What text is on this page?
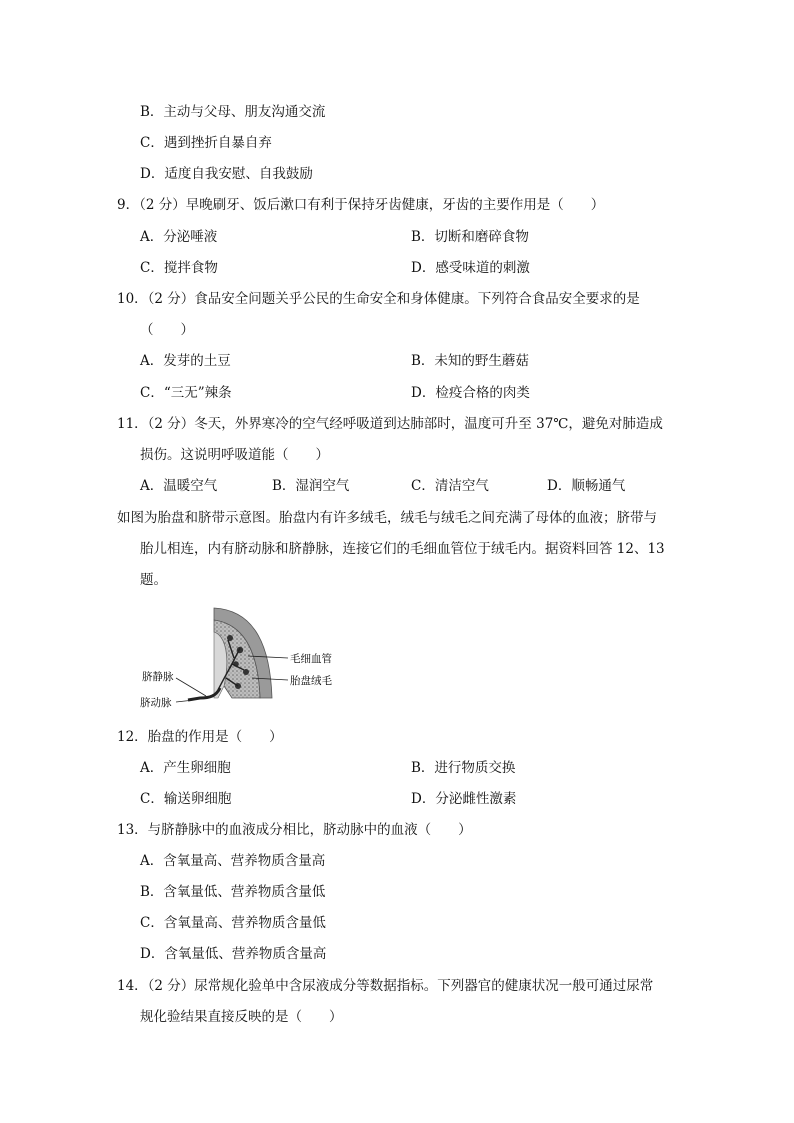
B．主动与父母、朋友沟通交流
C．遇到挫折自暴自弃
D．适度自我安慰、自我鼓励
9．（2 分）早晚刷牙、饭后漱口有利于保持牙齿健康，牙齿的主要作用是（　　）
A．分泌唾液	B．切断和磨碎食物
C．搅拌食物	D．感受味道的刺激
10．（2 分）食品安全问题关乎公民的生命安全和身体健康。下列符合食品安全要求的是
（　　）
A．发芽的土豆	B．未知的野生蘑菇
C．“三无”辣条	D．检疫合格的肉类
11．（2 分）冬天，外界寒冷的空气经呼吸道到达肺部时，温度可升至 37℃，避免对肺造成
损伤。这说明呼吸道能（　　）
A．温暖空气	B．湿润空气	C．清洁空气	D．顺畅通气
如图为胎盘和脐带示意图。胎盘内有许多绒毛，绒毛与绒毛之间充满了母体的血液；脐带与
胎儿相连，内有脐动脉和脐静脉，连接它们的毛细血管位于绒毛内。据资料回答 12、13
题。
毛细血管
胎盘绒毛
脐静脉
脐动脉
12．胎盘的作用是（　　）
A．产生卵细胞	B．进行物质交换
C．输送卵细胞	D．分泌雌性激素
13．与脐静脉中的血液成分相比，脐动脉中的血液（　　）
A．含氧量高、营养物质含量高
B．含氧量低、营养物质含量低
C．含氧量高、营养物质含量低
D．含氧量低、营养物质含量高
14．（2 分）尿常规化验单中含尿液成分等数据指标。下列器官的健康状况一般可通过尿常
规化验结果直接反映的是（　　）
